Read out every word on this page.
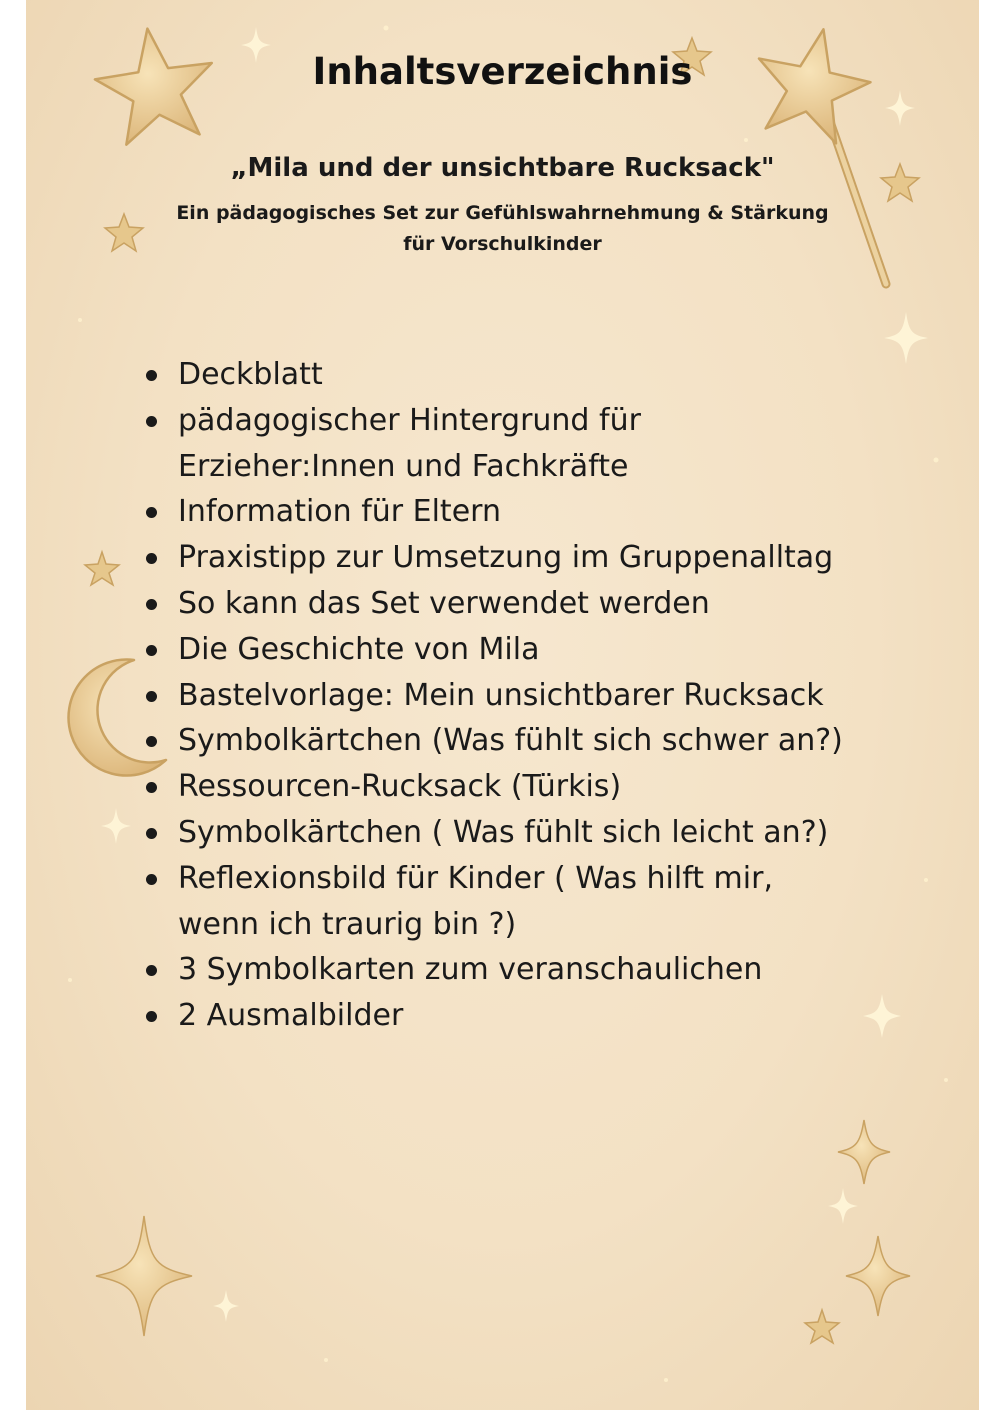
Inhaltsverzeichnis
„Mila und der unsichtbare Rucksack"
Ein pädagogisches Set zur Gefühlswahrnehmung & Stärkung
für Vorschulkinder
Deckblatt
pädagogischer Hintergrund für
Erzieher:Innen und Fachkräfte
Information für Eltern
Praxistipp zur Umsetzung im Gruppenalltag
So kann das Set verwendet werden
Die Geschichte von Mila
Bastelvorlage: Mein unsichtbarer Rucksack
Symbolkärtchen (Was fühlt sich schwer an?)
Ressourcen-Rucksack (Türkis)
Symbolkärtchen ( Was fühlt sich leicht an?)
Reflexionsbild für Kinder ( Was hilft mir,
wenn ich traurig bin ?)
3 Symbolkarten zum veranschaulichen
2 Ausmalbilder
